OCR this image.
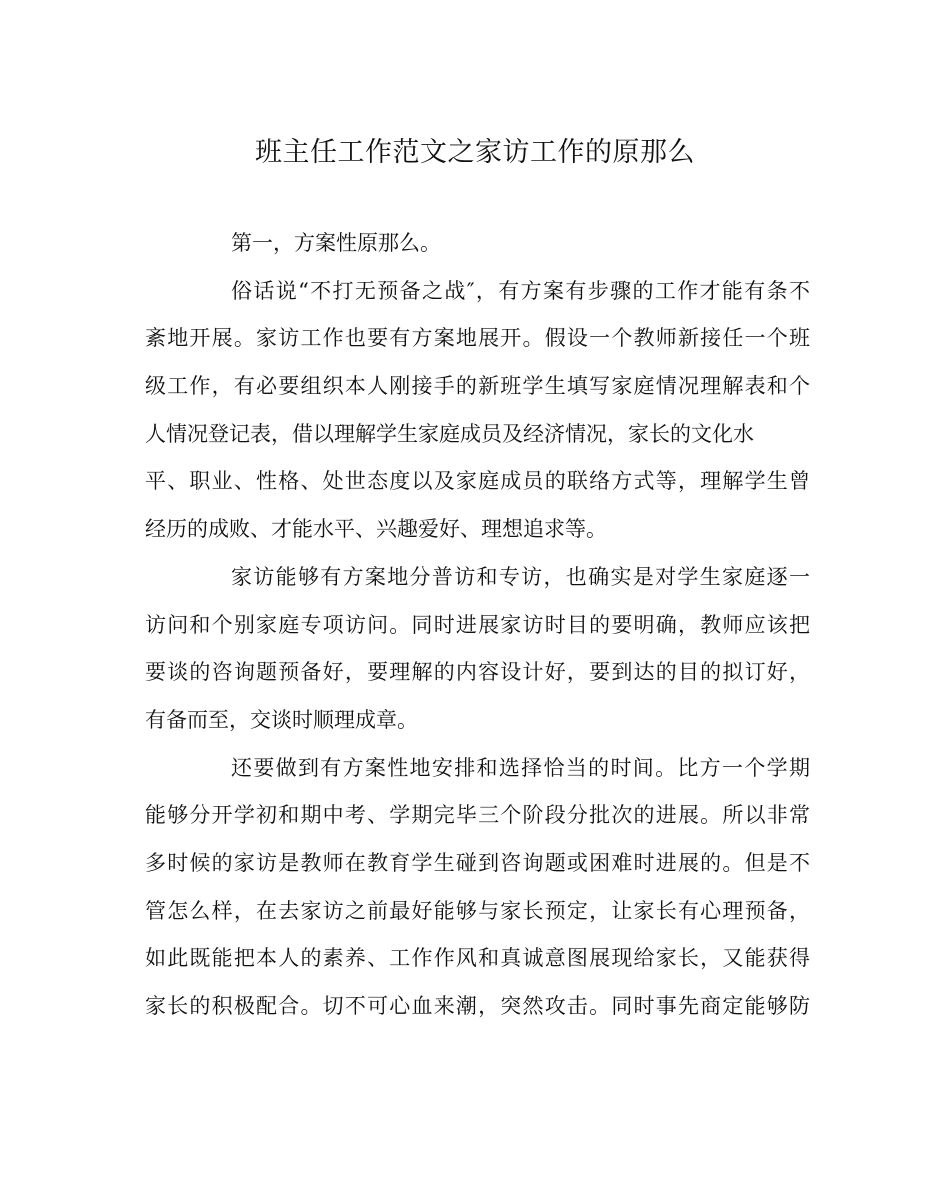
班主任工作范文之家访工作的原那么
第一，方案性原那么。
俗话说“不打无预备之战″，有方案有步骤的工作才能有条不
紊地开展。家访工作也要有方案地展开。假设一个教师新接任一个班
级工作，有必要组织本人刚接手的新班学生填写家庭情况理解表和个
人情况登记表，借以理解学生家庭成员及经济情况，家长的文化水
平、职业、性格、处世态度以及家庭成员的联络方式等，理解学生曾
经历的成败、才能水平、兴趣爱好、理想追求等。
家访能够有方案地分普访和专访，也确实是对学生家庭逐一
访问和个别家庭专项访问。同时进展家访时目的要明确，教师应该把
要谈的咨询题预备好，要理解的内容设计好，要到达的目的拟订好，
有备而至，交谈时顺理成章。
还要做到有方案性地安排和选择恰当的时间。比方一个学期
能够分开学初和期中考、学期完毕三个阶段分批次的进展。所以非常
多时候的家访是教师在教育学生碰到咨询题或困难时进展的。但是不
管怎么样，在去家访之前最好能够与家长预定，让家长有心理预备，
如此既能把本人的素养、工作作风和真诚意图展现给家长，又能获得
家长的积极配合。切不可心血来潮，突然攻击。同时事先商定能够防
